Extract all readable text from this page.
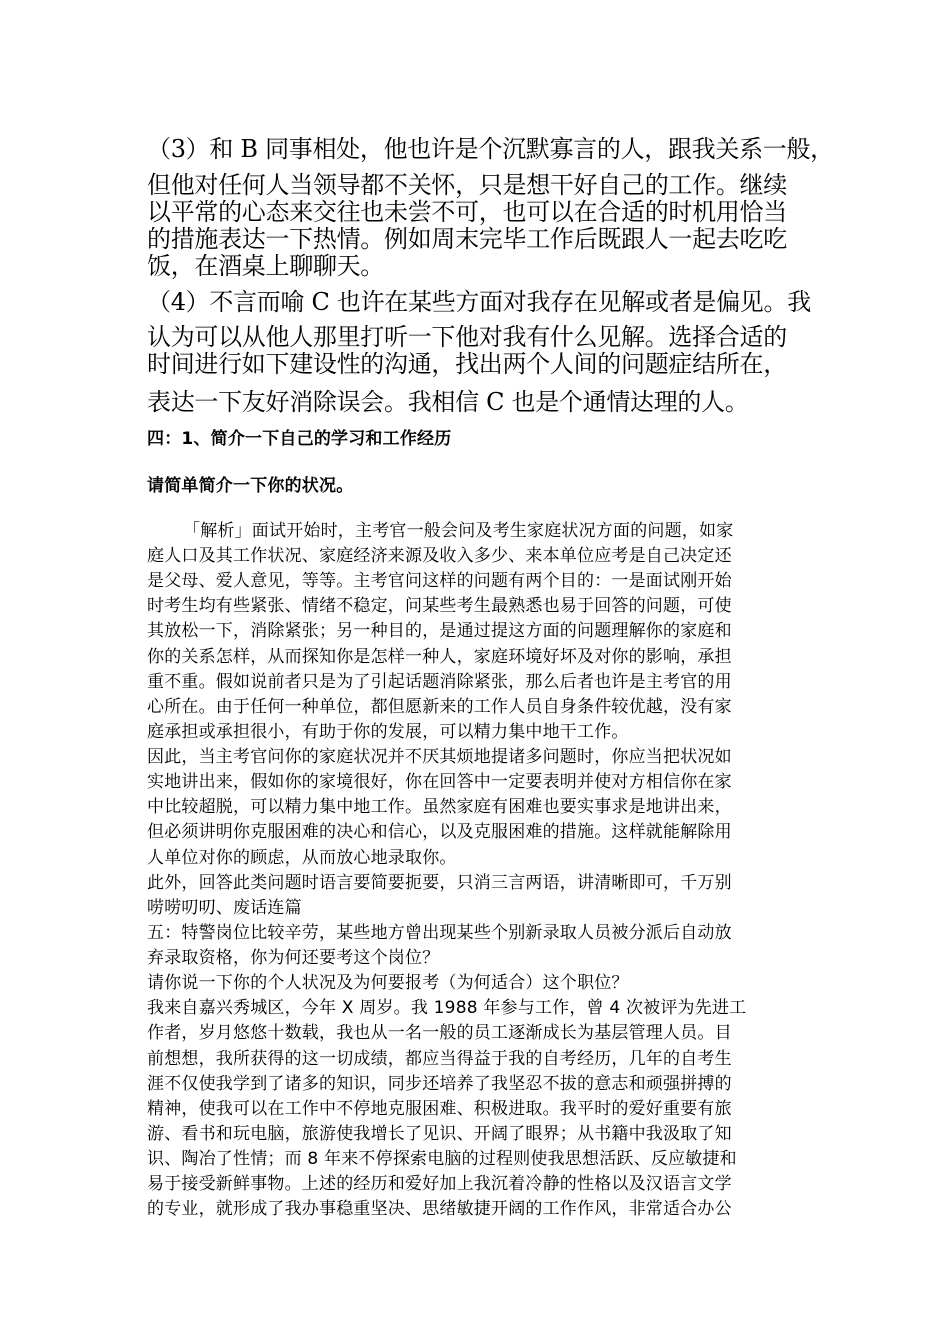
（3）和 B 同事相处，他也许是个沉默寡言的人，跟我关系一般，
但他对任何人当领导都不关怀，只是想干好自己的工作。继续
以平常的心态来交往也未尝不可，也可以在合适的时机用恰当
的措施表达一下热情。例如周末完毕工作后既跟人一起去吃吃
饭，在酒桌上聊聊天。
（4）不言而喻 C 也许在某些方面对我存在见解或者是偏见。我
认为可以从他人那里打听一下他对我有什么见解。选择合适的
时间进行如下建设性的沟通，找出两个人间的问题症结所在，
表达一下友好消除误会。我相信 C 也是个通情达理的人。
四：1、简介一下自己的学习和工作经历
请简单简介一下你的状况。
「解析」面试开始时，主考官一般会问及考生家庭状况方面的问题，如家
庭人口及其工作状况、家庭经济来源及收入多少、来本单位应考是自己决定还
是父母、爱人意见，等等。主考官问这样的问题有两个目的：一是面试刚开始
时考生均有些紧张、情绪不稳定，问某些考生最熟悉也易于回答的问题，可使
其放松一下，消除紧张；另一种目的，是通过提这方面的问题理解你的家庭和
你的关系怎样，从而探知你是怎样一种人，家庭环境好坏及对你的影响，承担
重不重。假如说前者只是为了引起话题消除紧张，那么后者也许是主考官的用
心所在。由于任何一种单位，都但愿新来的工作人员自身条件较优越，没有家
庭承担或承担很小，有助于你的发展，可以精力集中地干工作。
因此，当主考官问你的家庭状况并不厌其烦地提诸多问题时，你应当把状况如
实地讲出来，假如你的家境很好，你在回答中一定要表明并使对方相信你在家
中比较超脱，可以精力集中地工作。虽然家庭有困难也要实事求是地讲出来，
但必须讲明你克服困难的决心和信心，以及克服困难的措施。这样就能解除用
人单位对你的顾虑，从而放心地录取你。
此外，回答此类问题时语言要简要扼要，只消三言两语，讲清晰即可，千万别
唠唠叨叨、废话连篇
五：特警岗位比较辛劳，某些地方曾出现某些个别新录取人员被分派后自动放
弃录取资格，你为何还要考这个岗位？
请你说一下你的个人状况及为何要报考（为何适合）这个职位？
我来自嘉兴秀城区，今年 X 周岁。我 1988 年参与工作，曾 4 次被评为先进工
作者，岁月悠悠十数载，我也从一名一般的员工逐渐成长为基层管理人员。目
前想想，我所获得的这一切成绩，都应当得益于我的自考经历，几年的自考生
涯不仅使我学到了诸多的知识，同步还培养了我坚忍不拔的意志和顽强拼搏的
精神，使我可以在工作中不停地克服困难、积极进取。我平时的爱好重要有旅
游、看书和玩电脑，旅游使我增长了见识、开阔了眼界；从书籍中我汲取了知
识、陶冶了性情；而 8 年来不停探索电脑的过程则使我思想活跃、反应敏捷和
易于接受新鲜事物。上述的经历和爱好加上我沉着冷静的性格以及汉语言文学
的专业，就形成了我办事稳重坚决、思绪敏捷开阔的工作作风，非常适合办公
